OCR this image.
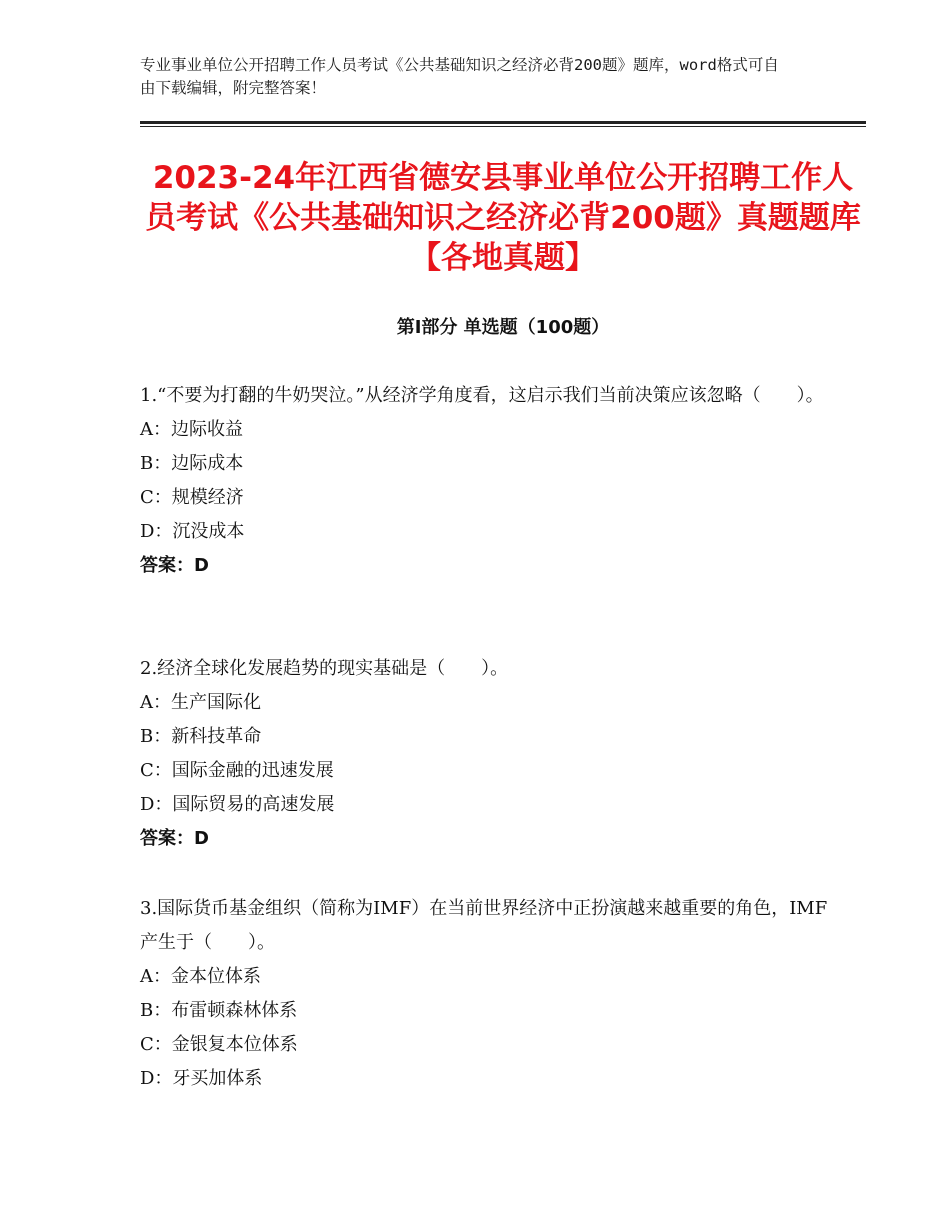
专业事业单位公开招聘工作人员考试《公共基础知识之经济必背200题》题库，word格式可自由下载编辑，附完整答案！
2023-24年江西省德安县事业单位公开招聘工作人员考试《公共基础知识之经济必背200题》真题题库【各地真题】
第Ⅰ部分 单选题（100题）

1.“不要为打翻的牛奶哭泣。”从经济学角度看，这启示我们当前决策应该忽略（　　）。

A：边际收益

B：边际成本

C：规模经济

D：沉没成本

答案：D

2.经济全球化发展趋势的现实基础是（　　）。

A：生产国际化

B：新科技革命

C：国际金融的迅速发展

D：国际贸易的高速发展

答案：D

3.国际货币基金组织（简称为IMF）在当前世界经济中正扮演越来越重要的角色，IMF产生于（　　）。

A：金本位体系

B：布雷顿森林体系

C：金银复本位体系

D：牙买加体系
